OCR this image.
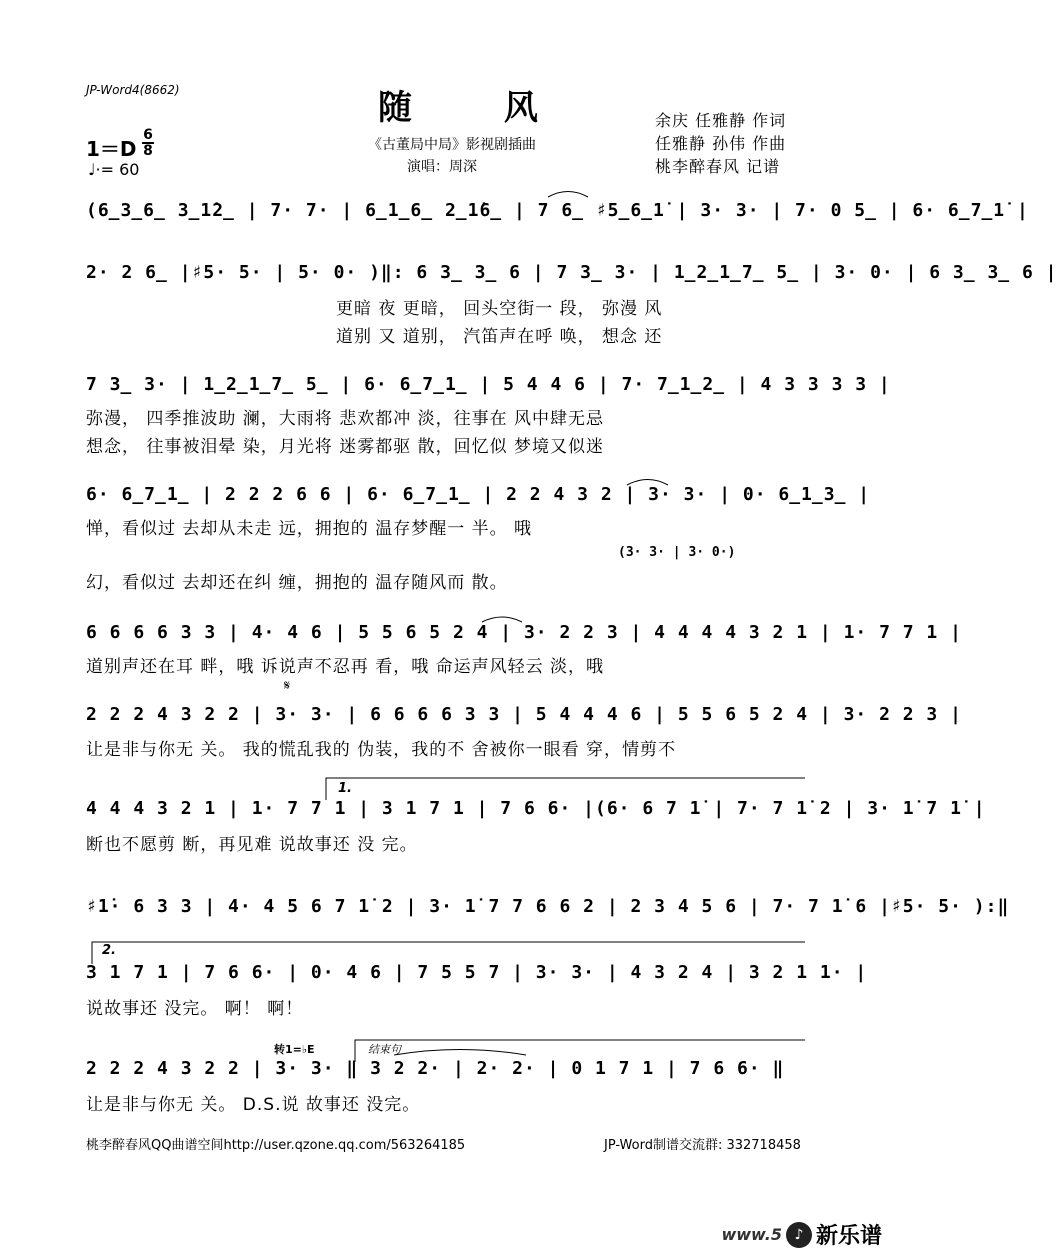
JP-Word4(8662)	随 风
《古董局中局》影视剧插曲
演唱：周深
余庆 任雅静 作词
任雅静 孙伟 作曲
桃李醉春风 记谱
1＝D
6
8
♩·= 60
(6̲3̲6̲ 3̲1̇2̲ | 7· 7· | 6̲1̲6̲ 2̲1̇6̲ | 7 6̲ ♯5̲6̲1̇ | 3· 3· | 7· 0 5̲ | 6· 6̲7̲1̇ |
2· 2 6̲ |♯5· 5· | 5· 0· )‖: 6 3̲ 3̲ 6 | 7 3̲ 3· | 1̲2̲1̲7̲ 5̲ | 3· 0· | 6 3̲ 3̲ 6 |
更暗 夜 更暗， 回头空街一 段， 弥漫 风
道别 又 道别， 汽笛声在呼 唤， 想念 还
7 3̲ 3· | 1̲2̲1̲7̲ 5̲ | 6· 6̲7̲1̲ | 5 4 4 6 | 7· 7̲1̲2̲ | 4 3 3 3 3 |
弥漫， 四季推波助 澜，大雨将 悲欢都冲 淡，往事在 风中肆无忌
想念， 往事被泪晕 染，月光将 迷雾都驱 散，回忆似 梦境又似迷
6· 6̲7̲1̲ | 2 2 2 6 6 | 6· 6̲7̲1̲ | 2 2 4 3 2 | 3· 3· | 0· 6̲1̲3̲ |
惮，看似过 去却从未走 远，拥抱的 温存梦醒一 半。 哦
(3· 3· | 3· 0·)
幻，看似过 去却还在纠 缠，拥抱的 温存随风而 散。
6 6 6 6 3 3 | 4· 4 6 | 5 5 6 5 2 4 | 3· 2 2 3 | 4 4 4 4 3 2 1 | 1· 7 7 1 |
道别声还在耳 畔，哦 诉说声不忍再 看，哦 命运声风轻云 淡，哦
𝄋
2 2 2 4 3 2 2 | 3· 3· | 6 6 6 6 3 3 | 5 4 4 4 6 | 5 5 6 5 2 4 | 3· 2 2 3 |
让是非与你无 关。 我的慌乱我的 伪装，我的不 舍被你一眼看 穿，情剪不
1.
4 4 4 3 2 1 | 1· 7 7 1 | 3 1 7 1 | 7 6 6· |(6· 6 7 1̇ | 7· 7 1̇ 2 | 3· 1̇ 7 1̇ |
断也不愿剪 断，再见难 说故事还 没 完。
♯1̇· 6 3 3 | 4· 4 5 6 7 1̇ 2 | 3· 1̇ 7 7 6 6 2 | 2 3 4 5 6 | 7· 7 1̇ 6 |♯5· 5· ):‖
2.
3 1 7 1 | 7 6 6· | 0· 4 6 | 7 5 5 7 | 3· 3· | 4 3 2 4 | 3 2 1 1· |
说故事还 没完。 啊！ 啊！
转1=♭E	结束句
2 2 2 4 3 2 2 | 3· 3· ‖ 3 2 2· | 2· 2· | 0 1 7 1 | 7 6 6· ‖
让是非与你无 关。 D.S.说 故事还 没完。
桃李醉春风QQ曲谱空间http://user.qzone.qq.com/563264185	JP-Word制谱交流群: 332718458
www.5 ♪ 新乐谱
